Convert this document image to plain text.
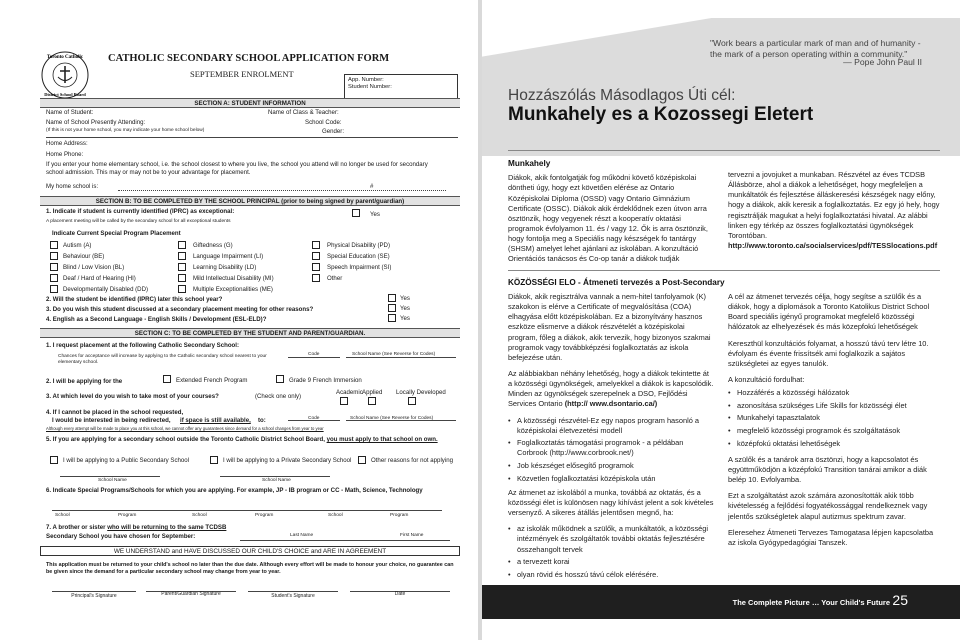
Toronto Catholic
District School Board
CATHOLIC SECONDARY SCHOOL APPLICATION FORM
SEPTEMBER ENROLMENT
App. Number:
Student Number:
SECTION A: STUDENT INFORMATION
Name of Student:	Name of Class & Teacher:
Name of School Presently Attending:	School Code:
(If this is not your home school, you may indicate your home school below)	Gender:
Home Address:
Home Phone:
If you enter your home elementary school, i.e. the school closest to where you live, the school you attend will no longer be used for secondary school admission. This may or may not be to your advantage for placement.
My home school is:	#
SECTION B: TO BE COMPLETED BY THE SCHOOL PRINCIPAL (prior to being signed by parent/guardian)
1. Indicate if student is currently identified (IPRC) as exceptional:	Yes
A placement meeting will be called by the secondary school for all exceptional students
Indicate Current Special Program Placement
Autism (A)	Giftedness (G)	Physical Disability (PD)
Behaviour (BE)	Language Impairment (LI)	Special Education (SE)
Blind / Low Vision (BL)	Learning Disability (LD)	Speech Impairment (SI)
Deaf / Hard of Hearing (HI)	Mild Intellectual Disability (MI)	Other
Developmentally Disabled (DD)	Multiple Exceptionalities (ME)
2. Will the student be identified (IPRC) later this school year?	Yes
3. Do you wish this student discussed at a secondary placement meeting for other reasons?	Yes
4. English as a Second Language - English Skills / Development (ESL-ELD)?	Yes
SECTION C: TO BE COMPLETED BY THE STUDENT AND PARENT/GUARDIAN.
1. I request placement at the following Catholic Secondary School:
Chances for acceptance will increase by applying to the Catholic secondary school nearest to your elementary school.
Code	School Name (See Reverse for Codes)
2. I will be applying for the	Extended French Program	Grade 9 French Immersion
Academic Applied Locally Developed
3. At which level do you wish to take most of your courses?	(Check one only)
4. If I cannot be placed in the school requested,
I would be interested in being redirected, if space is still available, to:	Code	School Name (See Reverse for Codes)
Although every attempt will be made to place you at this school, we cannot offer any guarantees since demand for a school changes from year to year
5. If you are applying for a secondary school outside the Toronto Catholic District School Board, you must apply to that school on own.
I will be applying to a Public Secondary School	I will be applying to a Private Secondary School	Other reasons for not applying
School Name	School Name
6. Indicate Special Programs/Schools for which you are applying. For example, JP - IB program or CC - Math, Science, Technology
School	Program	School	Program	School	Program
7. A brother or sister who will be returning to the same TCDSB
Secondary School you have chosen for September:	Last Name	First Name
WE UNDERSTAND and HAVE DISCUSSED OUR CHILD'S CHOICE and ARE IN AGREEMENT
This application must be returned to your child's school no later than the due date. Although every effort will be made to honour your choice, no guarantee can be given since the demand for a particular secondary school may change from year to year.
Principal's Signature	Parent/Guardian Signature	Student's Signature	Date
"Work bears a particular mark of man and of humanity - the mark of a person operating within a community."
— Pope John Paul II
Hozzászólás Másodlagos Úti cél:
Munkahely es a Kozossegi Eletert
Munkahely

Diákok, akik fontolgatják fog működni követő középiskolai döntheti úgy, hogy ezt követően elérése az Ontario Középiskolai Diploma (OSSD) vagy Ontario Gimnázium Certificate (OSSC). Diákok akik érdeklődnek ezen útvon arra ösztönzik, hogy vegyenek részt a kooperatív oktatási programok évfolyamon 11. és / vagy 12. Ők is arra ösztönzik, hogy fontolja meg a Speciális nagy készségek fo tantárgy (SHSM) amelyet lehet ajánlani az iskolában. A konzultáció Orientációs tanácsos és Co-op tanár a diákok tudják

tervezni a jovojuket a munkaban. Részvétel az éves TCDSB Állásbörze, ahol a diákok a lehetőséget, hogy megfeleljen a munkáltatók és fejlesztése álláskeresési készségek nagy előny, hogy a diákok, akik keresik a foglalkoztatás. Ez egy jó hely, hogy regisztrálják magukat a helyi foglalkoztatási hivatal. Az alábbi linken egy térkép az összes foglalkoztatási ügynökségek Torontóban. http://www.toronto.ca/socialservices/pdf/TESSlocations.pdf

KÖZÖSSÉGI ELO - Átmeneti tervezés a Post-Secondary

Diákok, akik regisztrálva vannak a nem-hitel tanfolyamok (K) szakokon is elérve a Certificate of megvalósítása (COA) elhagyása előtt középiskolában. Ez a bizonyítvány hasznos eszköze elismerve a diákok részvételét a középiskolai program, főleg a diákok, akik tervezik, hogy bizonyos szakmai programok vagy továbbképzési foglalkoztatás az iskola befejezése után.

Az alábbiakban néhány lehetőség, hogy a diákok tekintette át a közösségi ügynökségek, amelyekkel a diákok is kapcsolódik. Minden az ügynökségek szerepelnek a DSO, Fejlődési Services Ontario (http:// www.dsontario.ca/)

• A közösségi részvétel-Ez egy napos program hasonló a középiskolai életvezetési modell
• Foglalkoztatás támogatási programok - a példában Corbrook (http://www.corbrook.net/)
• Job készséget elősegítő programok
• Közvetlen foglalkoztatási középiskola után

Az átmenet az iskolából a munka, továbbá az oktatás, és a közösségi élet is különösen nagy kihívást jelent a sok kivételes versenyző. A sikeres átállás jelentősen megnő, ha:

• az iskolák működnek a szülők, a munkáltatók, a közösségi intézmények és szolgáltatók további oktatás fejlesztésére összehangolt tervek
• a tervezett korai
• olyan rövid és hosszú távú célok elérésére.

A cél az átmenet tervezés célja, hogy segítse a szülők és a diákok, hogy a diplomások a Toronto Katolikus District School Board speciális igényű programokat megfelelő közösségi hálózatok az elhelyezések és más közepfokú lehetőségek

Kereszthül konzultációs folyamat, a hosszú távú terv létre 10. évfolyam és évente frissítsék ami foglalkozik a sajátos szükségletei az egyes tanulók.

A konzultáció fordulhat:

• Hozzáférés a közösségi hálózatok
• azonosítása szükséges Life Skills for közösségi élet
• Munkahelyi tapasztalatok
• megfelelő közösségi programok és szolgáltatások
• középfokú oktatási lehetőségek

A szülők és a tanárok arra ösztönzi, hogy a kapcsolatot és együttműködjön a középfokú Transition tanárai amikor a diák belép 10. Evfolyamba.

Ezt a szolgáltatást azok számára azonosították akik több kivételesség a fejlődési fogyatékossággal rendelkeznek vagy jelentős szükségletek alapul autizmus spektrum zavar.

Eleresehez Átmeneti Tervezes Tamogatasa lépjen kapcsolatba az iskola Gyógypedagógiai Tanszek.

The Complete Picture … Your Child's Future 25
